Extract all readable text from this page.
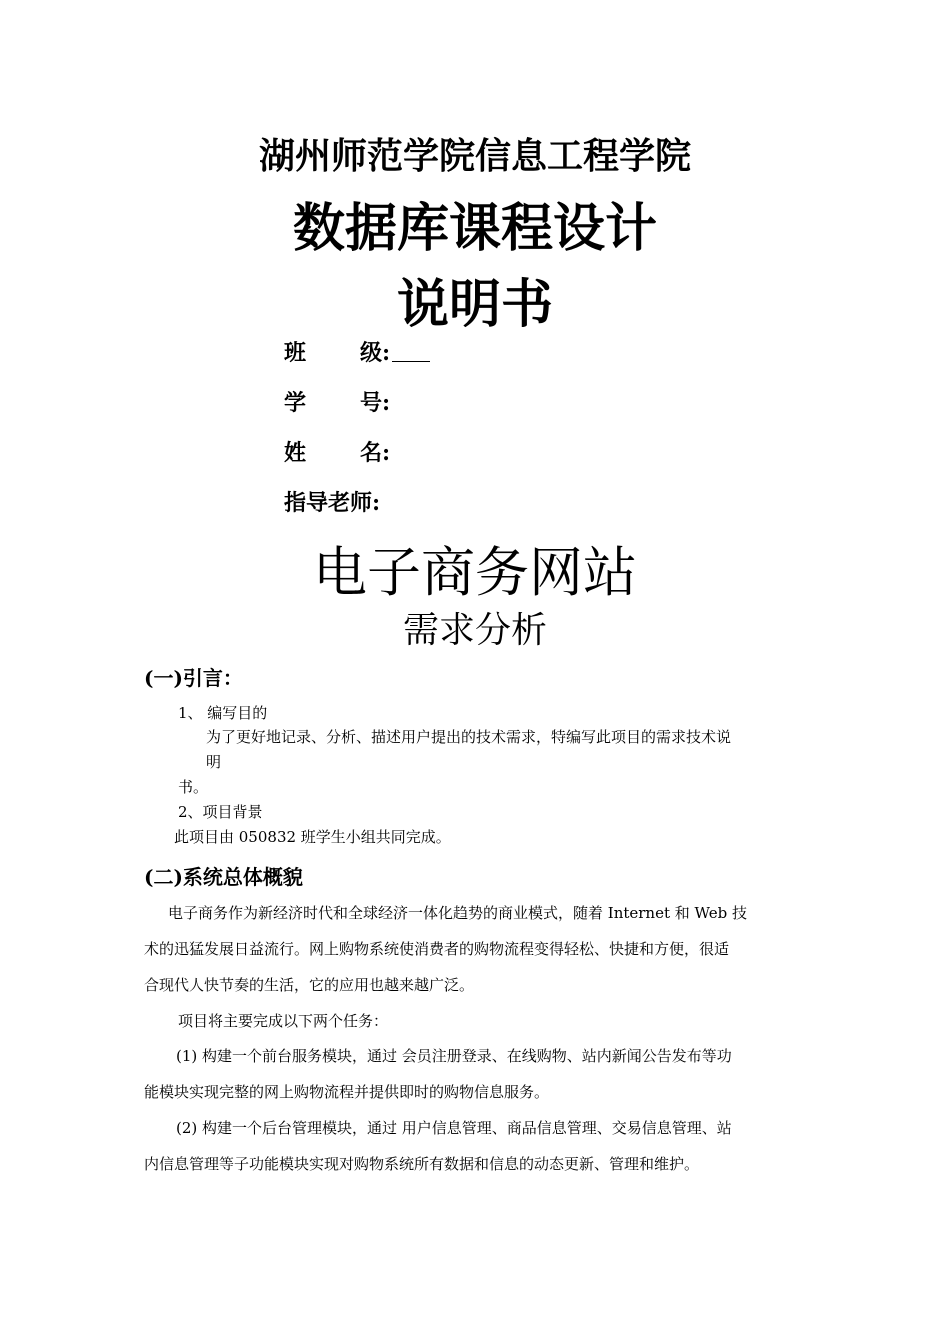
湖州师范学院信息工程学院
数据库课程设计
说明书
班 级:
学 号:
姓 名:
指导老师:
电子商务网站
需求分析
(一)引言：
1、 编写目的
为了更好地记录、分析、描述用户提出的技术需求，特编写此项目的需求技术说
明
书。
2、项目背景
此项目由 050832 班学生小组共同完成。
(二)系统总体概貌
电子商务作为新经济时代和全球经济一体化趋势的商业模式，随着 Internet 和 Web 技
术的迅猛发展日益流行。网上购物系统使消费者的购物流程变得轻松、快捷和方便，很适
合现代人快节奏的生活，它的应用也越来越广泛。
项目将主要完成以下两个任务：
(1) 构建一个前台服务模块，通过 会员注册登录、在线购物、站内新闻公告发布等功
能模块实现完整的网上购物流程并提供即时的购物信息服务。
(2) 构建一个后台管理模块，通过 用户信息管理、商品信息管理、交易信息管理、站
内信息管理等子功能模块实现对购物系统所有数据和信息的动态更新、管理和维护。
